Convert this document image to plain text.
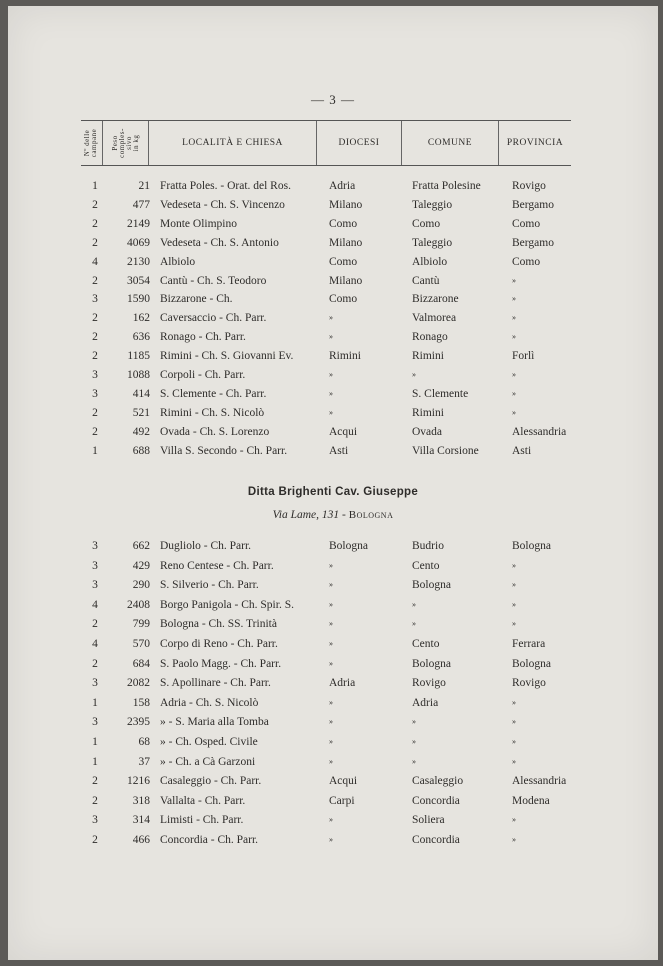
— 3 —
Nº delle
campane Peso
comples-
sivo
in kg	LOCALITÀ E CHIESA	DIOCESI	COMUNE	PROVINCIA
1	21 Fratta Poles. - Orat. del Ros.	Adria	Fratta Polesine	Rovigo
2	477 Vedeseta - Ch. S. Vincenzo	Milano	Taleggio	Bergamo
2	2149 Monte Olimpino	Como	Como	Como
2	4069 Vedeseta - Ch. S. Antonio	Milano	Taleggio	Bergamo
4	2130 Albiolo	Como	Albiolo	Como
2	3054 Cantù - Ch. S. Teodoro	Milano	Cantù	»
3	1590 Bizzarone - Ch.	Como	Bizzarone	»
2	162 Caversaccio - Ch. Parr.	»	Valmorea	»
2	636 Ronago - Ch. Parr.	»	Ronago	»
2	1185 Rimini - Ch. S. Giovanni Ev.	Rimini	Rimini	Forlì
3	1088 Corpoli - Ch. Parr.	»	»	»
3	414 S. Clemente - Ch. Parr.	»	S. Clemente	»
2	521 Rimini - Ch. S. Nicolò	»	Rimini	»
2	492 Ovada - Ch. S. Lorenzo	Acqui	Ovada	Alessandria
1	688 Villa S. Secondo - Ch. Parr.	Asti	Villa Corsione	Asti
Ditta Brighenti Cav. Giuseppe
Via Lame, 131 - Bologna
3	662 Dugliolo - Ch. Parr.	Bologna	Budrio	Bologna
3	429 Reno Centese - Ch. Parr.	»	Cento	»
3	290 S. Silverio - Ch. Parr.	»	Bologna	»
4	2408 Borgo Panigola - Ch. Spir. S.	»	»	»
2	799 Bologna - Ch. SS. Trinità	»	»	»
4	570 Corpo di Reno - Ch. Parr.	»	Cento	Ferrara
2	684 S. Paolo Magg. - Ch. Parr.	»	Bologna	Bologna
3	2082 S. Apollinare - Ch. Parr.	Adria	Rovigo	Rovigo
1	158 Adria - Ch. S. Nicolò	»	Adria	»
3	2395 » - S. Maria alla Tomba	»	»	»
1	68 » - Ch. Osped. Civile	»	»	»
1	37 » - Ch. a Cà Garzoni	»	»	»
2	1216 Casaleggio - Ch. Parr.	Acqui	Casaleggio	Alessandria
2	318 Vallalta - Ch. Parr.	Carpi	Concordia	Modena
3	314 Limisti - Ch. Parr.	»	Soliera	»
2	466 Concordia - Ch. Parr.	»	Concordia	»
